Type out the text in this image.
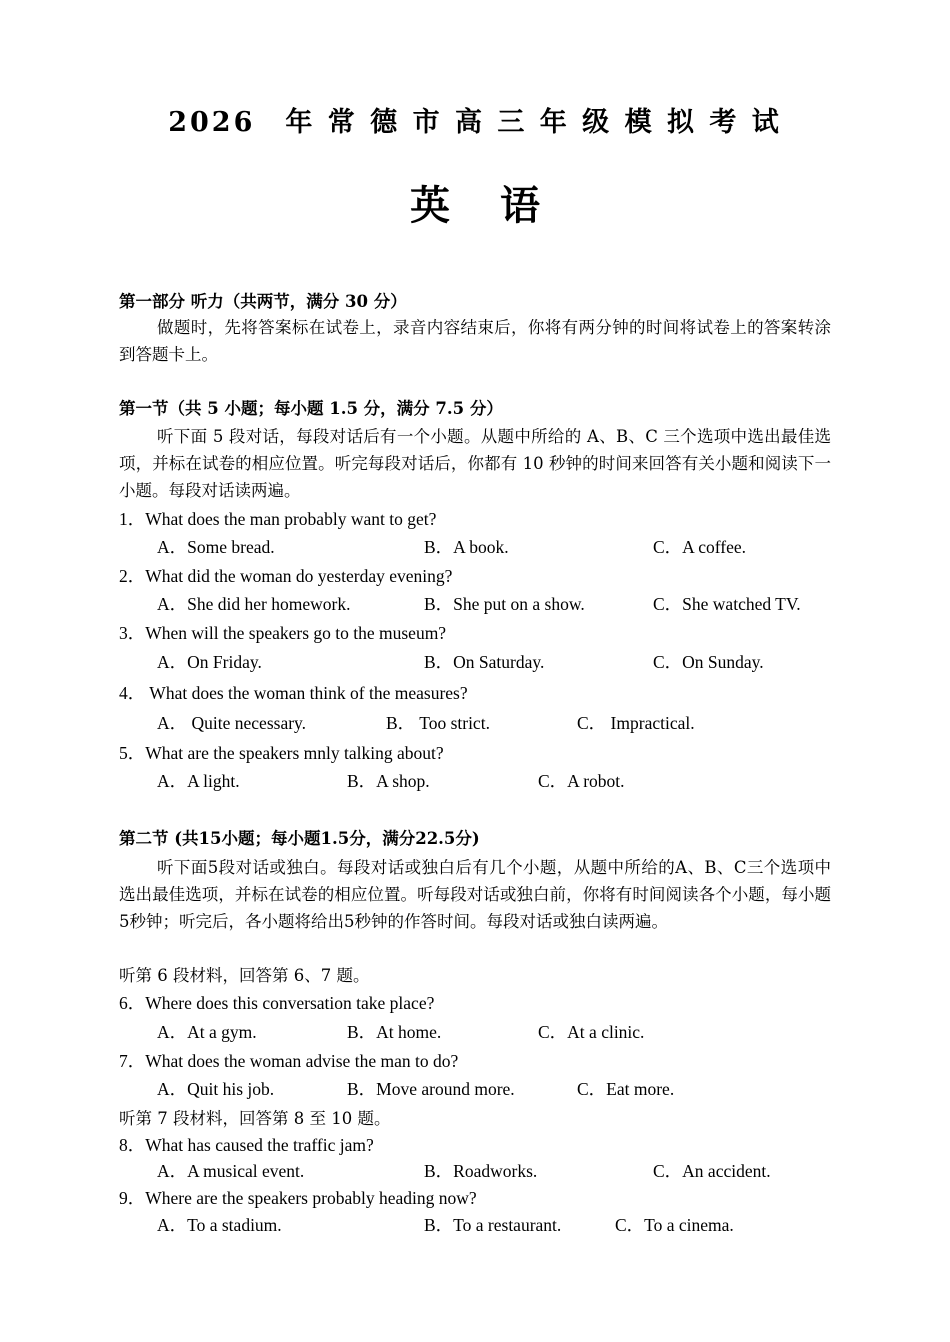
2026　年 常 德 市 高 三 年 级 模 拟 考 试
英语
第一部分 听力（共两节，满分 30 分）
做题时，先将答案标在试卷上，录音内容结束后，你将有两分钟的时间将试卷上的答案转涂到答题卡上。
第一节（共 5 小题；每小题 1.5 分，满分 7.5 分）
听下面 5 段对话，每段对话后有一个小题。从题中所给的 A、B、C 三个选项中选出最佳选项，并标在试卷的相应位置。听完每段对话后，你都有 10 秒钟的时间来回答有关小题和阅读下一小题。每段对话读两遍。
1．What does the man probably want to get?
A．Some bread.	B．A book.	C．A coffee.
2．What did the woman do yesterday evening?
A．She did her homework.	B．She put on a show.	C．She watched TV.
3．When will the speakers go to the museum?
A．On Friday.	B．On Saturday.	C．On Sunday.
4． What does the woman think of the measures?
A． Quite necessary.	B． Too strict.	C． Impractical.
5．What are the speakers mnly talking about?
A．A light.	B．A shop.	C．A robot.
第二节 (共15小题；每小题1.5分，满分22.5分)
听下面5段对话或独白。每段对话或独白后有几个小题，从题中所给的A、B、C三个选项中选出最佳选项，并标在试卷的相应位置。听每段对话或独白前，你将有时间阅读各个小题，每小题5秒钟；听完后，各小题将给出5秒钟的作答时间。每段对话或独白读两遍。
听第 6 段材料，回答第 6、7 题。
6．Where does this conversation take place?
A．At a gym.	B．At home.	C．At a clinic.
7．What does the woman advise the man to do?
A．Quit his job.	B．Move around more.	C．Eat more.
听第 7 段材料，回答第 8 至 10 题。
8．What has caused the traffic jam?
A．A musical event.	B．Roadworks.	C．An accident.
9．Where are the speakers probably heading now?
A．To a stadium.	B．To a restaurant.	C．To a cinema.
